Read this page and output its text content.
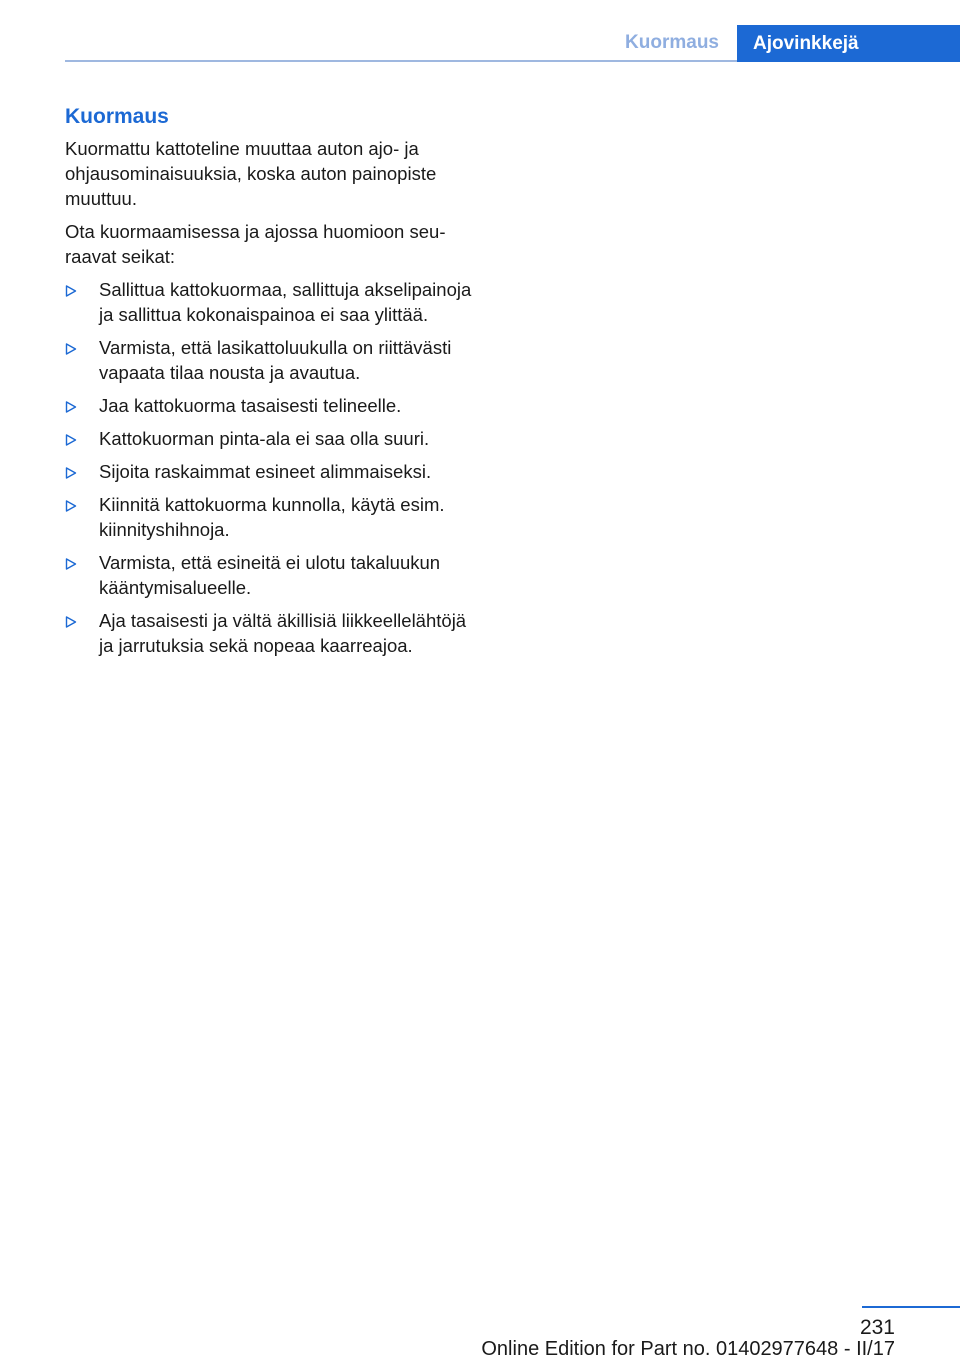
Kuormaus	Ajovinkkejä
Kuormaus

Kuormattu kattoteline muuttaa auton ajo- ja ohjausominaisuuksia, koska auton painopiste muuttuu.

Ota kuormaamisessa ja ajossa huomioon seuraavat seikat:

Sallittua kattokuormaa, sallittuja akselipainoja ja sallittua kokonaispainoa ei saa ylittää.
Varmista, että lasikattoluukulla on riittävästi vapaata tilaa nousta ja avautua.
Jaa kattokuorma tasaisesti telineelle.
Kattokuorman pinta-ala ei saa olla suuri.
Sijoita raskaimmat esineet alimmaiseksi.
Kiinnitä kattokuorma kunnolla, käytä esim. kiinnityshihnoja.
Varmista, että esineitä ei ulotu takaluukun kääntymisalueelle.
Aja tasaisesti ja vältä äkillisiä liikkeellelähtöjä ja jarrutuksia sekä nopeaa kaarreajoa.
231
Online Edition for Part no. 01402977648 - II/17
